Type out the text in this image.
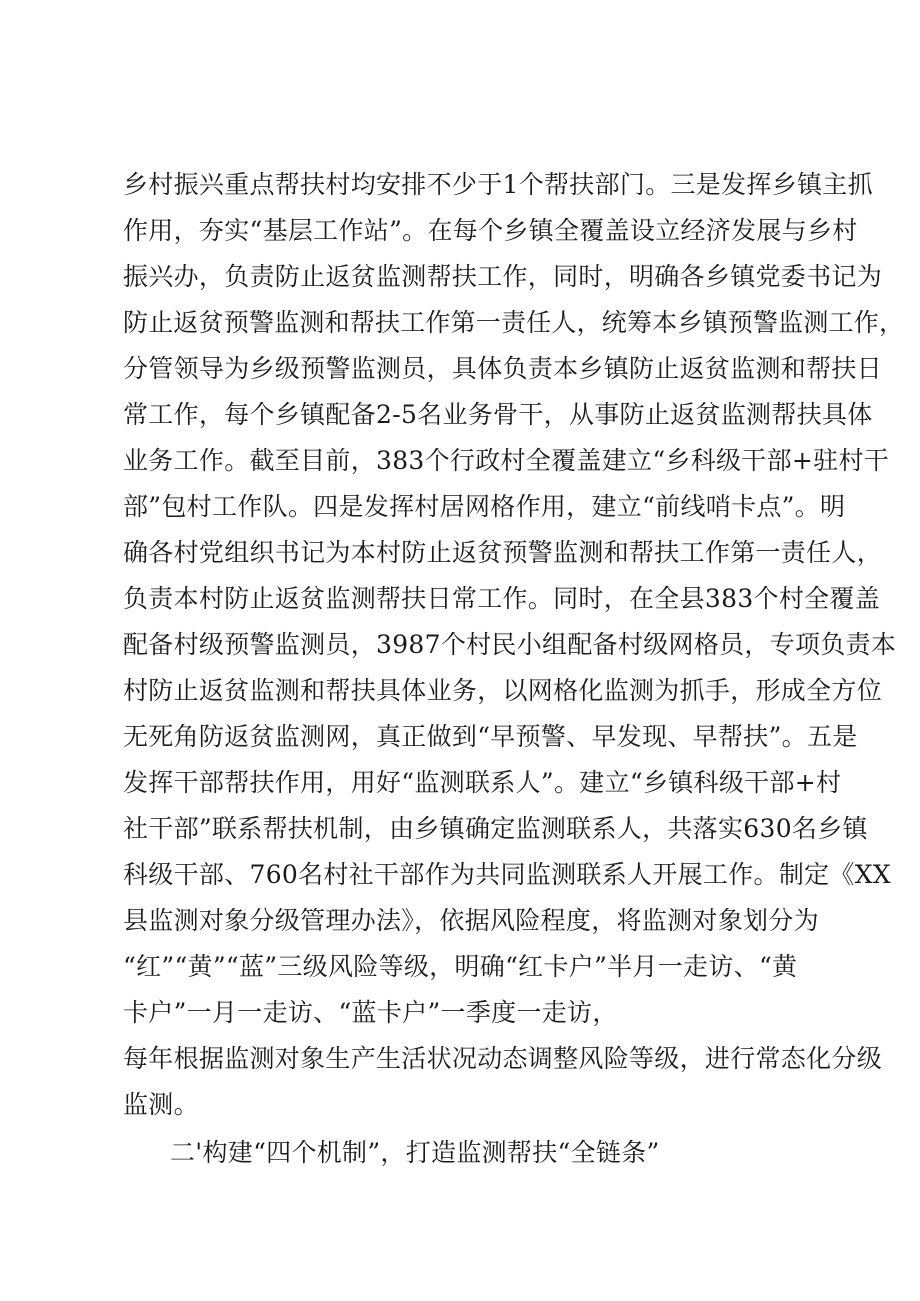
乡村振兴重点帮扶村均安排不少于1个帮扶部门。三是发挥乡镇主抓
作用，夯实“基层工作站”。在每个乡镇全覆盖设立经济发展与乡村
振兴办，负责防止返贫监测帮扶工作，同时，明确各乡镇党委书记为
防止返贫预警监测和帮扶工作第一责任人，统筹本乡镇预警监测工作，
分管领导为乡级预警监测员，具体负责本乡镇防止返贫监测和帮扶日
常工作，每个乡镇配备2-5名业务骨干，从事防止返贫监测帮扶具体
业务工作。截至目前，383个行政村全覆盖建立“乡科级干部+驻村干
部”包村工作队。四是发挥村居网格作用，建立“前线哨卡点”。明
确各村党组织书记为本村防止返贫预警监测和帮扶工作第一责任人，
负责本村防止返贫监测帮扶日常工作。同时，在全县383个村全覆盖
配备村级预警监测员，3987个村民小组配备村级网格员，专项负责本
村防止返贫监测和帮扶具体业务，以网格化监测为抓手，形成全方位
无死角防返贫监测网，真正做到“早预警、早发现、早帮扶”。五是
发挥干部帮扶作用，用好“监测联系人”。建立“乡镇科级干部+村
社干部”联系帮扶机制，由乡镇确定监测联系人，共落实630名乡镇
科级干部、760名村社干部作为共同监测联系人开展工作。制定《XX
县监测对象分级管理办法》，依据风险程度，将监测对象划分为
“红”“黄”“蓝”三级风险等级，明确“红卡户”半月一走访、“黄
卡户”一月一走访、“蓝卡户”一季度一走访，
每年根据监测对象生产生活状况动态调整风险等级，进行常态化分级
监测。
二'构建“四个机制”，打造监测帮扶“全链条”
